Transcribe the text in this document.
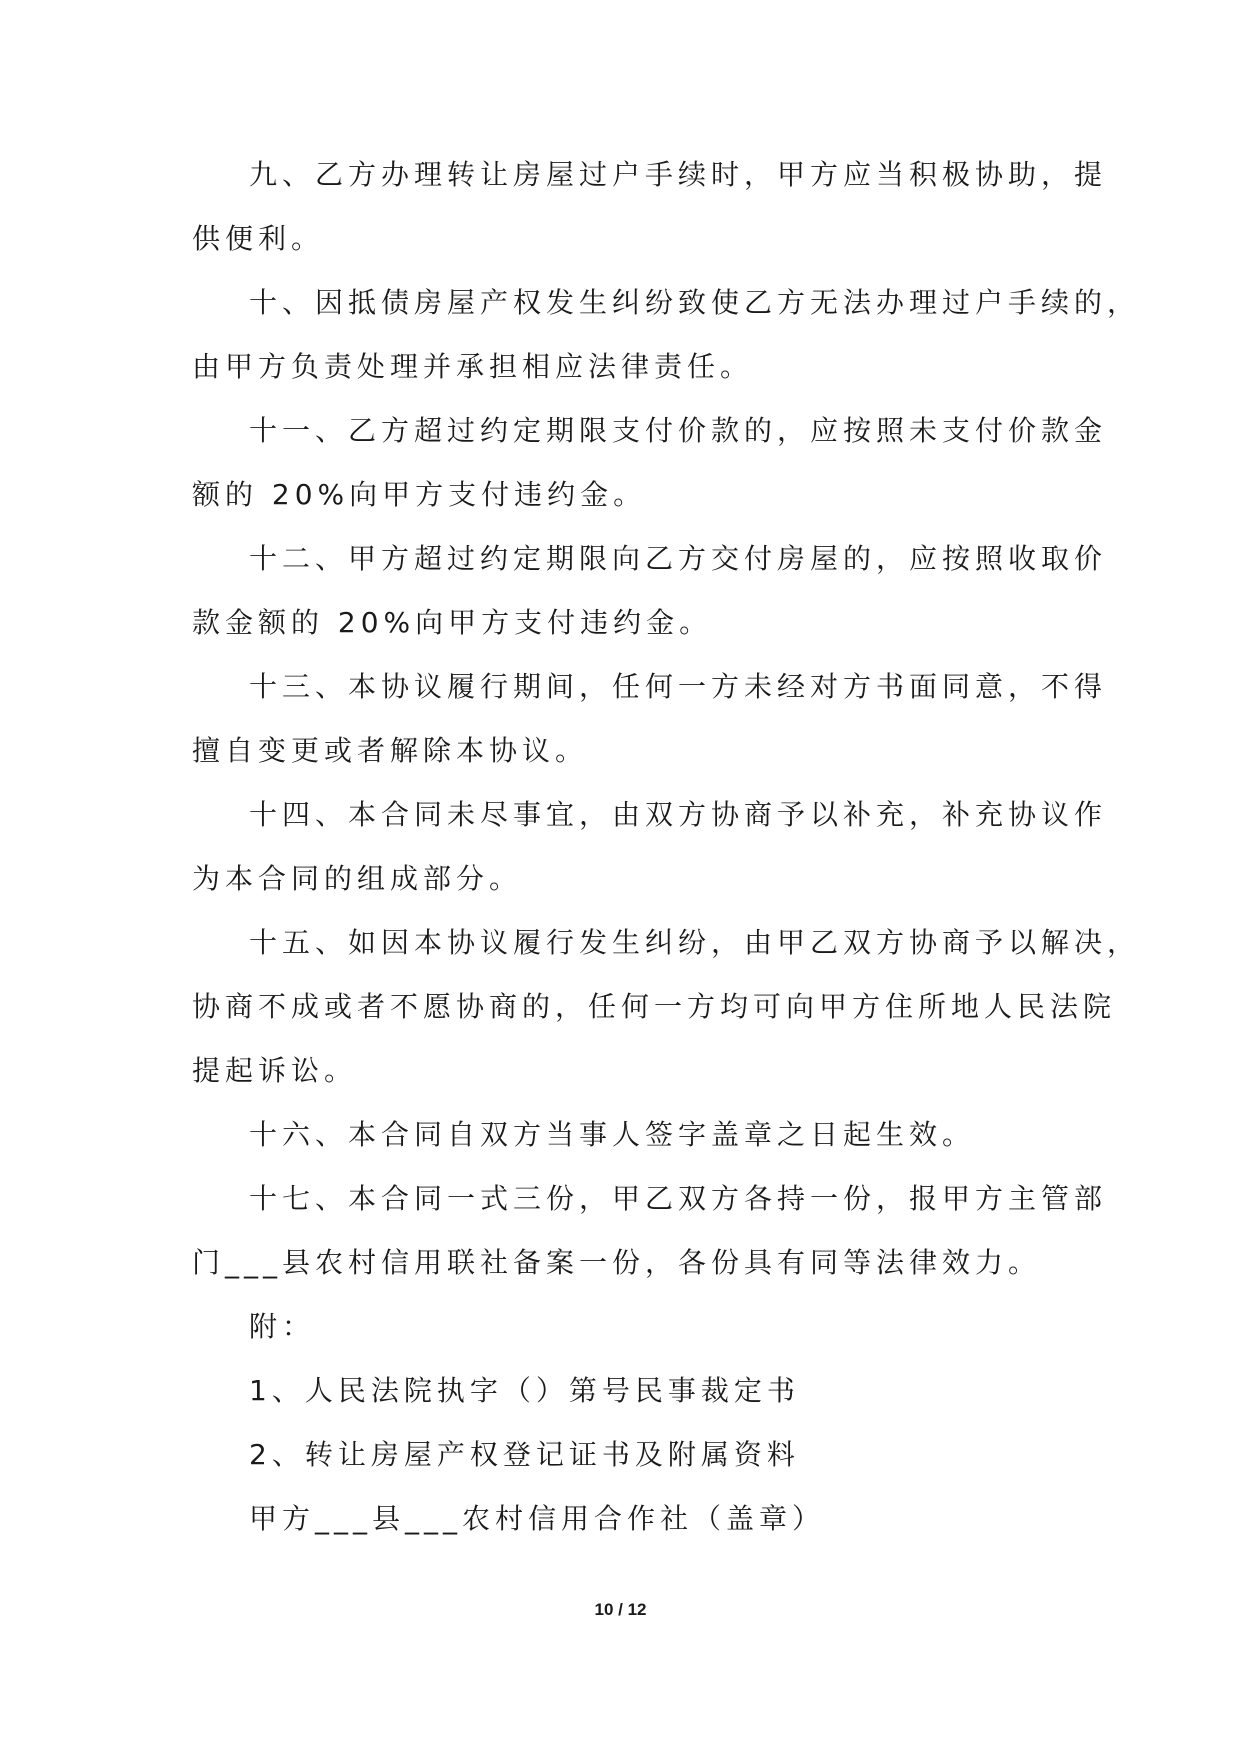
九、乙方办理转让房屋过户手续时，甲方应当积极协助，提

供便利。

十、因抵债房屋产权发生纠纷致使乙方无法办理过户手续的，

由甲方负责处理并承担相应法律责任。

十一、乙方超过约定期限支付价款的，应按照未支付价款金

额的 20%向甲方支付违约金。

十二、甲方超过约定期限向乙方交付房屋的，应按照收取价

款金额的 20%向甲方支付违约金。

十三、本协议履行期间，任何一方未经对方书面同意，不得

擅自变更或者解除本协议。

十四、本合同未尽事宜，由双方协商予以补充，补充协议作

为本合同的组成部分。

十五、如因本协议履行发生纠纷，由甲乙双方协商予以解决，

协商不成或者不愿协商的，任何一方均可向甲方住所地人民法院

提起诉讼。

十六、本合同自双方当事人签字盖章之日起生效。

十七、本合同一式三份，甲乙双方各持一份，报甲方主管部

门___县农村信用联社备案一份，各份具有同等法律效力。

附：

1、人民法院执字（）第号民事裁定书

2、转让房屋产权登记证书及附属资料

甲方___县___农村信用合作社（盖章）

10 / 12
